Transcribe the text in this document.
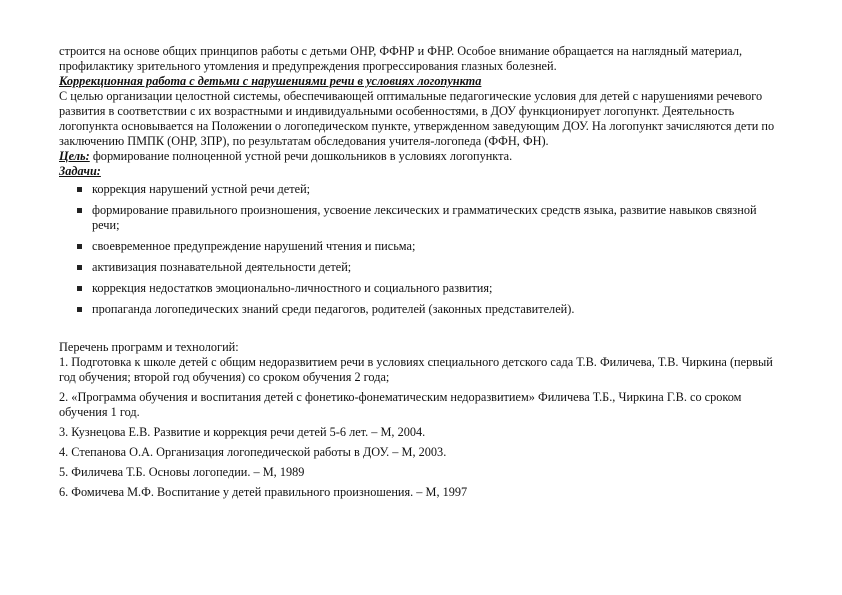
строится на основе общих принципов работы с детьми ОНР, ФФНР и ФНР. Особое внимание обращается на наглядный материал, профилактику зрительного утомления и предупреждения прогрессирования глазных болезней.

Коррекционная работа с детьми с нарушениями речи в условиях логопункта

С целью организации целостной системы, обеспечивающей оптимальные педагогические условия для детей с нарушениями речевого развития в соответствии с их возрастными и индивидуальными особенностями, в ДОУ функционирует логопункт. Деятельность логопункта основывается на Положении о логопедическом пункте, утвержденном заведующим ДОУ. На логопункт зачисляются дети по заключению ПМПК (ОНР, ЗПР), по результатам обследования учителя-логопеда (ФФН, ФН).

Цель: формирование полноценной устной речи дошкольников в условиях логопункта.

Задачи:

коррекция нарушений устной речи детей;
формирование правильного произношения, усвоение лексических и грамматических средств языка, развитие навыков связной речи;
своевременное предупреждение нарушений чтения и письма;
активизация познавательной деятельности детей;
коррекция недостатков эмоционально-личностного и социального развития;
пропаганда логопедических знаний среди педагогов, родителей (законных представителей).

Перечень программ и технологий:

1. Подготовка к школе детей с общим недоразвитием речи в условиях специального детского сада Т.В. Филичева, Т.В. Чиркина (первый год обучения; второй год обучения) со сроком обучения 2 года;

2. «Программа обучения и воспитания детей с фонетико-фонематическим недоразвитием» Филичева Т.Б., Чиркина Г.В. со сроком обучения 1 год.

3. Кузнецова Е.В. Развитие и коррекция речи детей 5-6 лет. – М, 2004.

4. Степанова О.А. Организация логопедической работы в ДОУ. – М, 2003.

5. Филичева Т.Б. Основы логопедии. – М, 1989

6. Фомичева М.Ф. Воспитание у детей правильного произношения. – М, 1997
